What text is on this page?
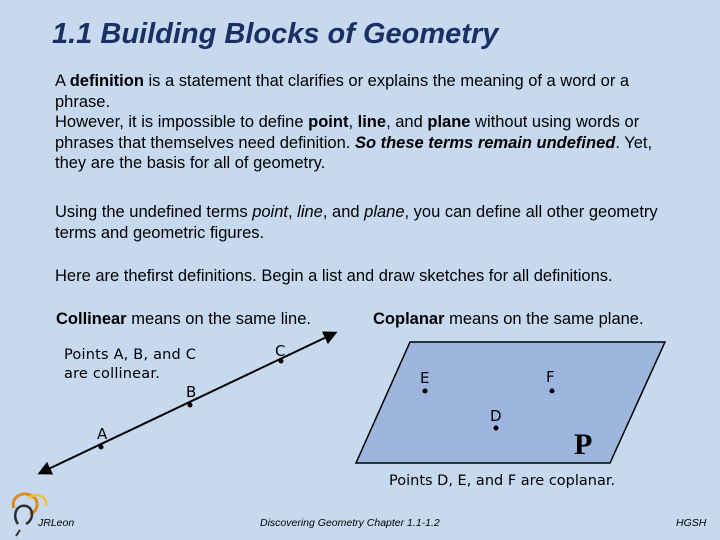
1.1 Building Blocks of Geometry

A definition is a statement that clarifies or explains the meaning of a word or a phrase.

However, it is impossible to define point, line, and plane without using words or phrases that themselves need definition. So these terms remain undefined. Yet, they are the basis for all of geometry.

Using the undefined terms point, line, and plane, you can define all other geometry terms and geometric figures.

Here are thefirst definitions. Begin a list and draw sketches for all definitions.
Collinear means on the same line.	Coplanar means on the same plane.
Points A, B, and C are collinear.
A
B
C
D
E	F
P
Points D, E, and F are coplanar.
JRLeon	Discovering Geometry Chapter 1.1-1.2	HGSH
